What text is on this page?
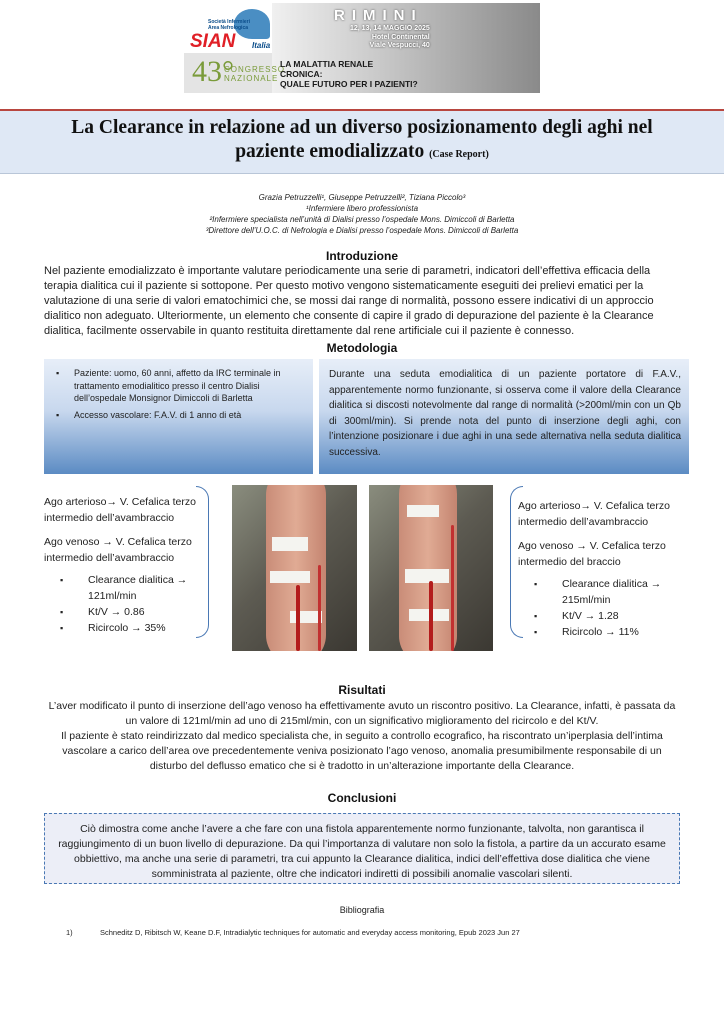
Società Infermieri
Area Nefrologica
SIAN Italia
RIMINI
12, 13, 14 MAGGIO 2025
Hotel Continental
Viale Vespucci, 40
43°
CONGRESSO
NAZIONALE
LA MALATTIA RENALE
CRONICA:
QUALE FUTURO PER I PAZIENTI?
La Clearance in relazione ad un diverso posizionamento degli aghi nel
paziente emodializzato (Case Report)
Grazia Petruzzelli¹, Giuseppe Petruzzelli², Tiziana Piccolo³
¹Infermiere libero professionista
²Infermiere specialista nell’unità di Dialisi presso l’ospedale Mons. Dimiccoli di Barletta
³Direttore dell’U.O.C. di Nefrologia e Dialisi presso l’ospedale Mons. Dimiccoli di Barletta
Introduzione
Nel paziente emodializzato è importante valutare periodicamente una serie di parametri, indicatori dell’effettiva efficacia della terapia dialitica cui il paziente si sottopone. Per questo motivo vengono sistematicamente eseguiti dei prelievi ematici per la valutazione di una serie di valori ematochimici che, se mossi dai range di normalità, possono essere indicativi di un approccio dialitico non adeguato. Ulteriormente, un elemento che consente di capire il grado di depurazione del paziente è la Clearance dialitica, facilmente osservabile in quanto restituita direttamente dal rene artificiale cui il paziente è connesso.
Metodologia
▪ Paziente: uomo, 60 anni, affetto da IRC terminale in trattamento emodialitico presso il centro Dialisi dell’ospedale Monsignor Dimiccoli di Barletta
▪ Accesso vascolare: F.A.V. di 1 anno di età

Durante una seduta emodialitica di un paziente portatore di F.A.V., apparentemente normo funzionante, si osserva come il valore della Clearance dialitica si discosti notevolmente dal range di normalità (>200ml/min con un Qb di 300ml/min). Si prende nota del punto di inserzione degli aghi, con l’intenzione posizionare i due aghi in una sede alternativa nella seduta dialitica successiva.

Ago arterioso→ V. Cefalica terzo intermedio dell’avambraccio
Ago venoso → V. Cefalica terzo intermedio dell’avambraccio
▪ Clearance dialitica → 121ml/min
▪ Kt/V → 0.86
▪ Ricircolo → 35%
Ago arterioso→ V. Cefalica terzo intermedio dell’avambraccio
Ago venoso → V. Cefalica terzo intermedio del braccio
▪ Clearance dialitica → 215ml/min
▪ Kt/V → 1.28
▪ Ricircolo → 11%
Risultati
L’aver modificato il punto di inserzione dell’ago venoso ha effettivamente avuto un riscontro positivo. La Clearance, infatti, è passata da un valore di 121ml/min ad uno di 215ml/min, con un significativo miglioramento del ricircolo e del Kt/V.
Il paziente è stato reindirizzato dal medico specialista che, in seguito a controllo ecografico, ha riscontrato un’iperplasia dell’intima vascolare a carico dell’area ove precedentemente veniva posizionato l’ago venoso, anomalia presumibilmente responsabile di un disturbo del deflusso ematico che si è tradotto in un’alterazione importante della Clearance.
Conclusioni

Ciò dimostra come anche l’avere a che fare con una fistola apparentemente normo funzionante, talvolta, non garantisca il raggiungimento di un buon livello di depurazione. Da qui l’importanza di valutare non solo la fistola, a partire da un accurato esame obbiettivo, ma anche una serie di parametri, tra cui appunto la Clearance dialitica, indici dell’effettiva dose dialitica che viene somministrata al paziente, oltre che indicatori indiretti di possibili anomalie vascolari silenti.

Bibliografia
1)	Schneditz D, Ribitsch W, Keane D.F, Intradialytic techniques for automatic and everyday access monitoring, Epub 2023 Jun 27
